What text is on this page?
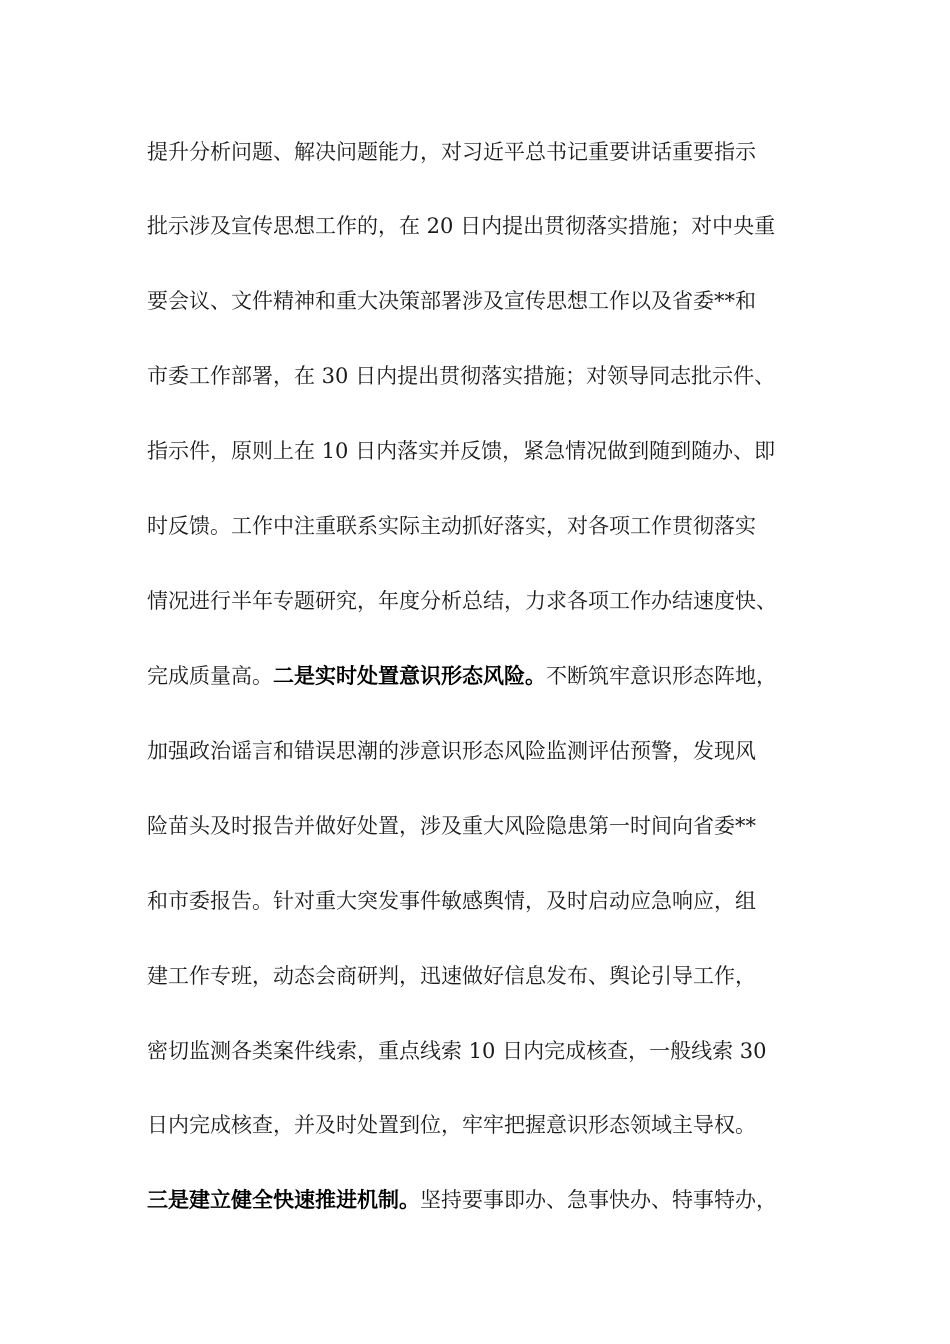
提升分析问题、解决问题能力，对习近平总书记重要讲话重要指示
批示涉及宣传思想工作的，在 20 日内提出贯彻落实措施；对中央重
要会议、文件精神和重大决策部署涉及宣传思想工作以及省委**和
市委工作部署，在 30 日内提出贯彻落实措施；对领导同志批示件、
指示件，原则上在 10 日内落实并反馈，紧急情况做到随到随办、即
时反馈。工作中注重联系实际主动抓好落实，对各项工作贯彻落实
情况进行半年专题研究，年度分析总结，力求各项工作办结速度快、
完成质量高。二是实时处置意识形态风险。不断筑牢意识形态阵地，
加强政治谣言和错误思潮的涉意识形态风险监测评估预警，发现风
险苗头及时报告并做好处置，涉及重大风险隐患第一时间向省委**
和市委报告。针对重大突发事件敏感舆情，及时启动应急响应，组
建工作专班，动态会商研判，迅速做好信息发布、舆论引导工作，
密切监测各类案件线索，重点线索 10 日内完成核查，一般线索 30
日内完成核查，并及时处置到位，牢牢把握意识形态领域主导权。
三是建立健全快速推进机制。坚持要事即办、急事快办、特事特办，
